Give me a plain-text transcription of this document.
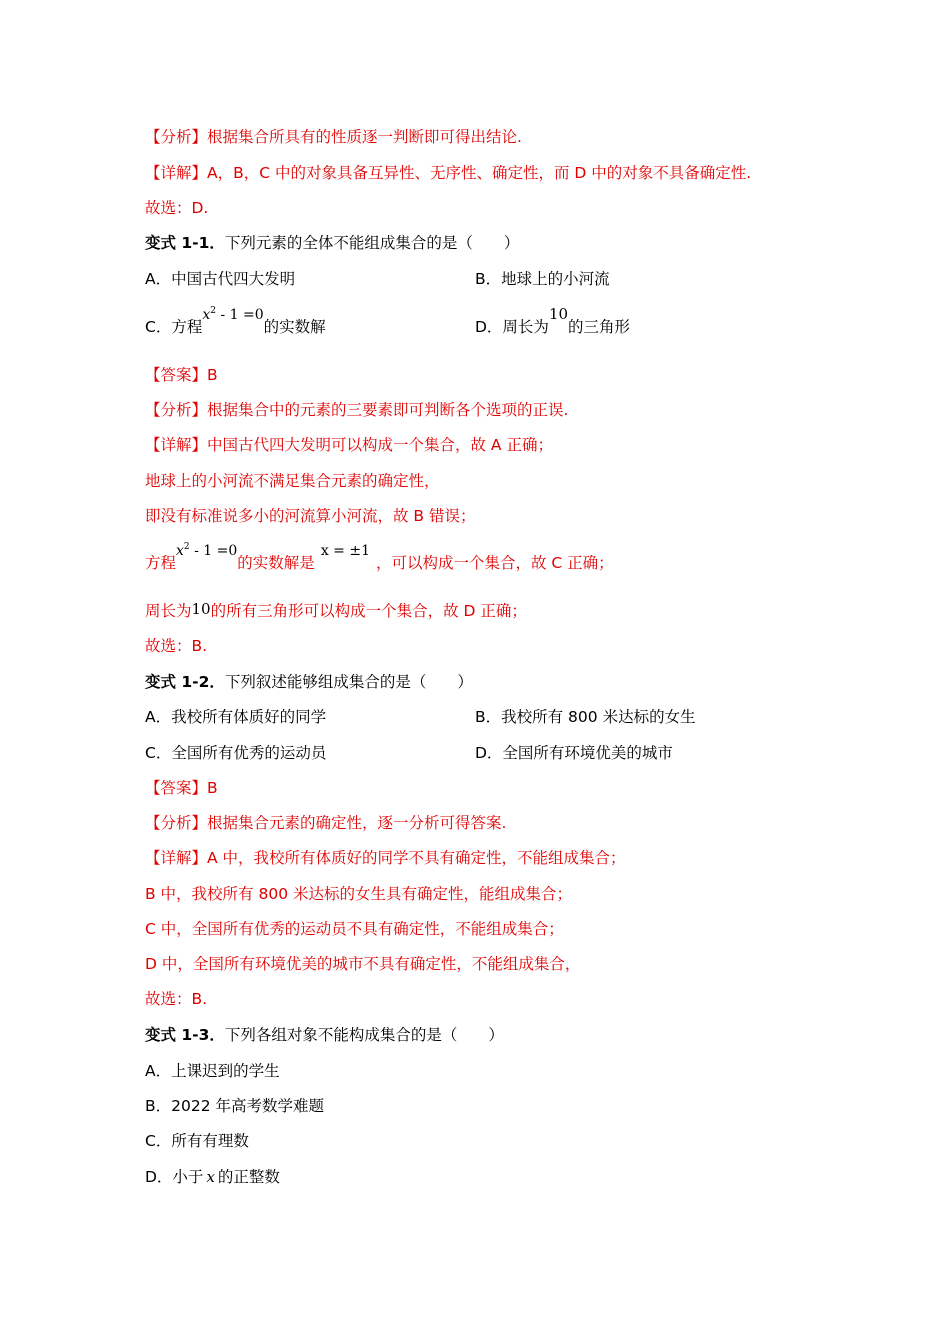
【分析】根据集合所具有的性质逐一判断即可得出结论.
【详解】A，B，C 中的对象具备互异性、无序性、确定性，而 D 中的对象不具备确定性.
故选：D.
变式 1-1．下列元素的全体不能组成集合的是（　　）
A．中国古代四大发明	B．地球上的小河流
C．方程$x^2 - 1 =0$的实数解	D．周长为10的三角形
【答案】B
【分析】根据集合中的元素的三要素即可判断各个选项的正误.
【详解】中国古代四大发明可以构成一个集合，故 A 正确；
地球上的小河流不满足集合元素的确定性，
即没有标准说多小的河流算小河流，故 B 错误；
方程$x^2 - 1 =0$的实数解是x = ±1，可以构成一个集合，故 C 正确；
周长为10的所有三角形可以构成一个集合，故 D 正确；
故选：B.
变式 1-2．下列叙述能够组成集合的是（　　）
A．我校所有体质好的同学	B．我校所有 800 米达标的女生
C．全国所有优秀的运动员	D．全国所有环境优美的城市
【答案】B
【分析】根据集合元素的确定性，逐一分析可得答案.
【详解】A 中，我校所有体质好的同学不具有确定性，不能组成集合；
B 中，我校所有 800 米达标的女生具有确定性，能组成集合；
C 中，全国所有优秀的运动员不具有确定性，不能组成集合；
D 中，全国所有环境优美的城市不具有确定性，不能组成集合，
故选：B.
变式 1-3．下列各组对象不能构成集合的是（　　）
A．上课迟到的学生
B．2022 年高考数学难题
C．所有有理数
D．小于 x 的正整数
